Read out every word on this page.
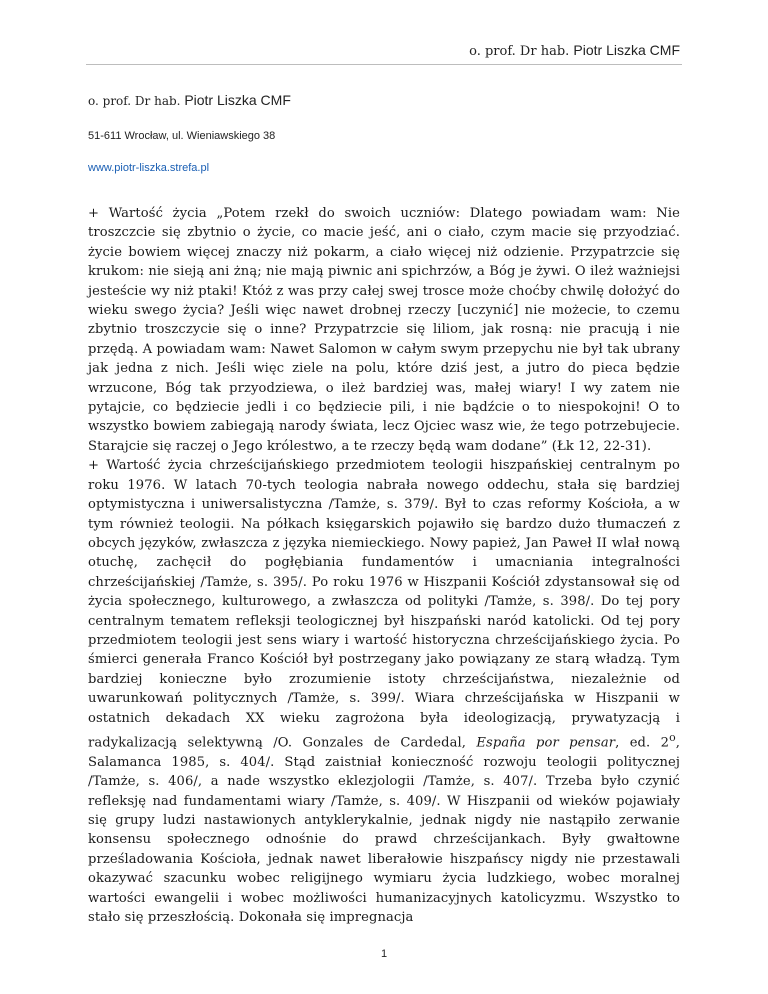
o. prof. Dr hab. Piotr Liszka CMF
o. prof. Dr hab. Piotr Liszka CMF
51-611 Wrocław, ul. Wieniawskiego 38
www.piotr-liszka.strefa.pl

+ Wartość życia „Potem rzekł do swoich uczniów: Dlatego powiadam wam: Nie troszczcie się zbytnio o życie, co macie jeść, ani o ciało, czym macie się przyodziać. życie bowiem więcej znaczy niż pokarm, a ciało więcej niż odzienie. Przypatrzcie się krukom: nie sieją ani żną; nie mają piwnic ani spichrzów, a Bóg je żywi. O ileż ważniejsi jesteście wy niż ptaki! Któż z was przy całej swej trosce może choćby chwilę dołożyć do wieku swego życia? Jeśli więc nawet drobnej rzeczy [uczynić] nie możecie, to czemu zbytnio troszczycie się o inne? Przypatrzcie się liliom, jak rosną: nie pracują i nie przędą. A powiadam wam: Nawet Salomon w całym swym przepychu nie był tak ubrany jak jedna z nich. Jeśli więc ziele na polu, które dziś jest, a jutro do pieca będzie wrzucone, Bóg tak przyodziewa, o ileż bardziej was, małej wiary! I wy zatem nie pytajcie, co będziecie jedli i co będziecie pili, i nie bądźcie o to niespokojni! O to wszystko bowiem zabiegają narody świata, lecz Ojciec wasz wie, że tego potrzebujecie. Starajcie się raczej o Jego królestwo, a te rzeczy będą wam dodane” (Łk 12, 22-31).

+ Wartość życia chrześcijańskiego przedmiotem teologii hiszpańskiej centralnym po roku 1976. W latach 70-tych teologia nabrała nowego oddechu, stała się bardziej optymistyczna i uniwersalistyczna /Tamże, s. 379/. Był to czas reformy Kościoła, a w tym również teologii. Na półkach księgarskich pojawiło się bardzo dużo tłumaczeń z obcych języków, zwłaszcza z języka niemieckiego. Nowy papież, Jan Paweł II wlał nową otuchę, zachęcił do pogłębiania fundamentów i umacniania integralności chrześcijańskiej /Tamże, s. 395/. Po roku 1976 w Hiszpanii Kościół zdystansował się od życia społecznego, kulturowego, a zwłaszcza od polityki /Tamże, s. 398/. Do tej pory centralnym tematem refleksji teologicznej był hiszpański naród katolicki. Od tej pory przedmiotem teologii jest sens wiary i wartość historyczna chrześcijańskiego życia. Po śmierci generała Franco Kościół był postrzegany jako powiązany ze starą władzą. Tym bardziej konieczne było zrozumienie istoty chrześcijaństwa, niezależnie od uwarunkowań politycznych /Tamże, s. 399/. Wiara chrześcijańska w Hiszpanii w ostatnich dekadach XX wieku zagrożona była ideologizacją, prywatyzacją i radykalizacją selektywną /O. Gonzales de Cardedal, España por pensar, ed. 2$^o$, Salamanca 1985, s. 404/. Stąd zaistniał konieczność rozwoju teologii politycznej /Tamże, s. 406/, a nade wszystko eklezjologii /Tamże, s. 407/. Trzeba było czynić refleksję nad fundamentami wiary /Tamże, s. 409/. W Hiszpanii od wieków pojawiały się grupy ludzi nastawionych antyklerykalnie, jednak nigdy nie nastąpiło zerwanie konsensu społecznego odnośnie do prawd chrześcijankach. Były gwałtowne prześladowania Kościoła, jednak nawet liberałowie hiszpańscy nigdy nie przestawali okazywać szacunku wobec religijnego wymiaru życia ludzkiego, wobec moralnej wartości ewangelii i wobec możliwości humanizacyjnych katolicyzmu. Wszystko to stało się przeszłością. Dokonała się impregnacja

1
